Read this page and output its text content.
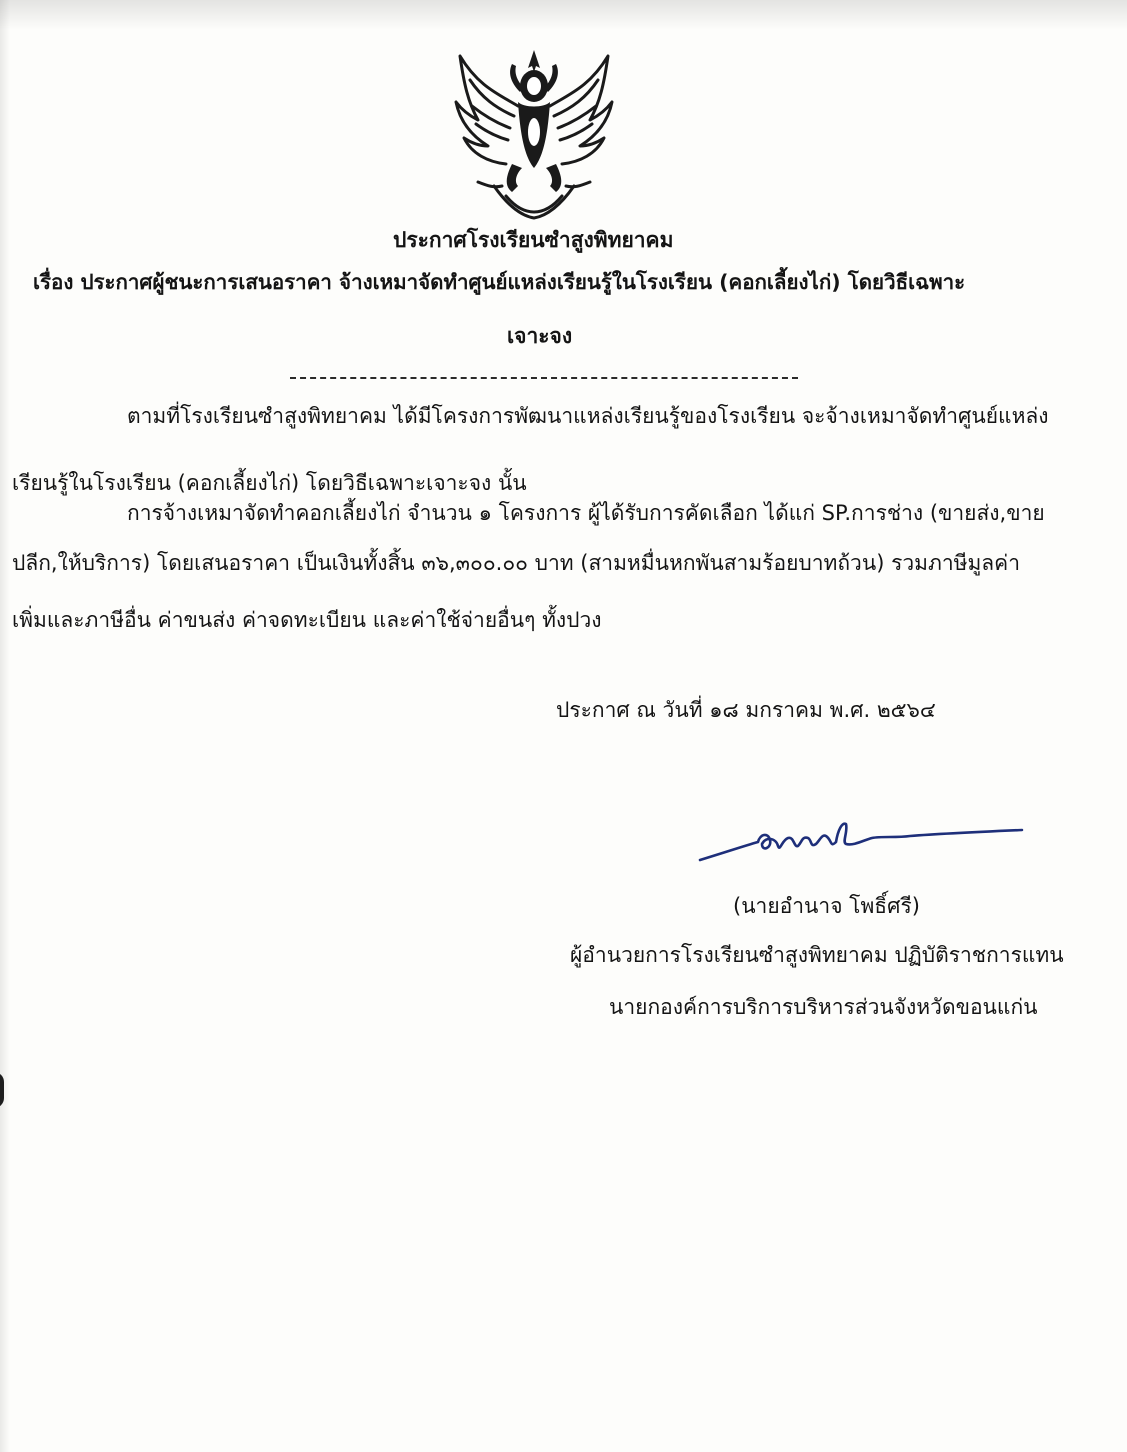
ประกาศโรงเรียนซำสูงพิทยาคม
เรื่อง ประกาศผู้ชนะการเสนอราคา จ้างเหมาจัดทำศูนย์แหล่งเรียนรู้ในโรงเรียน (คอกเลี้ยงไก่) โดยวิธีเฉพาะ
เจาะจง
ตามที่โรงเรียนซำสูงพิทยาคม ได้มีโครงการพัฒนาแหล่งเรียนรู้ของโรงเรียน จะจ้างเหมาจัดทำศูนย์แหล่ง
เรียนรู้ในโรงเรียน (คอกเลี้ยงไก่) โดยวิธีเฉพาะเจาะจง นั้น
การจ้างเหมาจัดทำคอกเลี้ยงไก่ จำนวน ๑ โครงการ ผู้ได้รับการคัดเลือก ได้แก่ SP.การช่าง (ขายส่ง,ขาย
ปลีก,ให้บริการ) โดยเสนอราคา เป็นเงินทั้งสิ้น ๓๖,๓๐๐.๐๐ บาท (สามหมื่นหกพันสามร้อยบาทถ้วน) รวมภาษีมูลค่า
เพิ่มและภาษีอื่น ค่าขนส่ง ค่าจดทะเบียน และค่าใช้จ่ายอื่นๆ ทั้งปวง
ประกาศ ณ วันที่ ๑๘ มกราคม พ.ศ. ๒๕๖๔
(นายอำนาจ โพธิ์ศรี)
ผู้อำนวยการโรงเรียนซำสูงพิทยาคม ปฏิบัติราชการแทน
นายกองค์การบริการบริหารส่วนจังหวัดขอนแก่น
